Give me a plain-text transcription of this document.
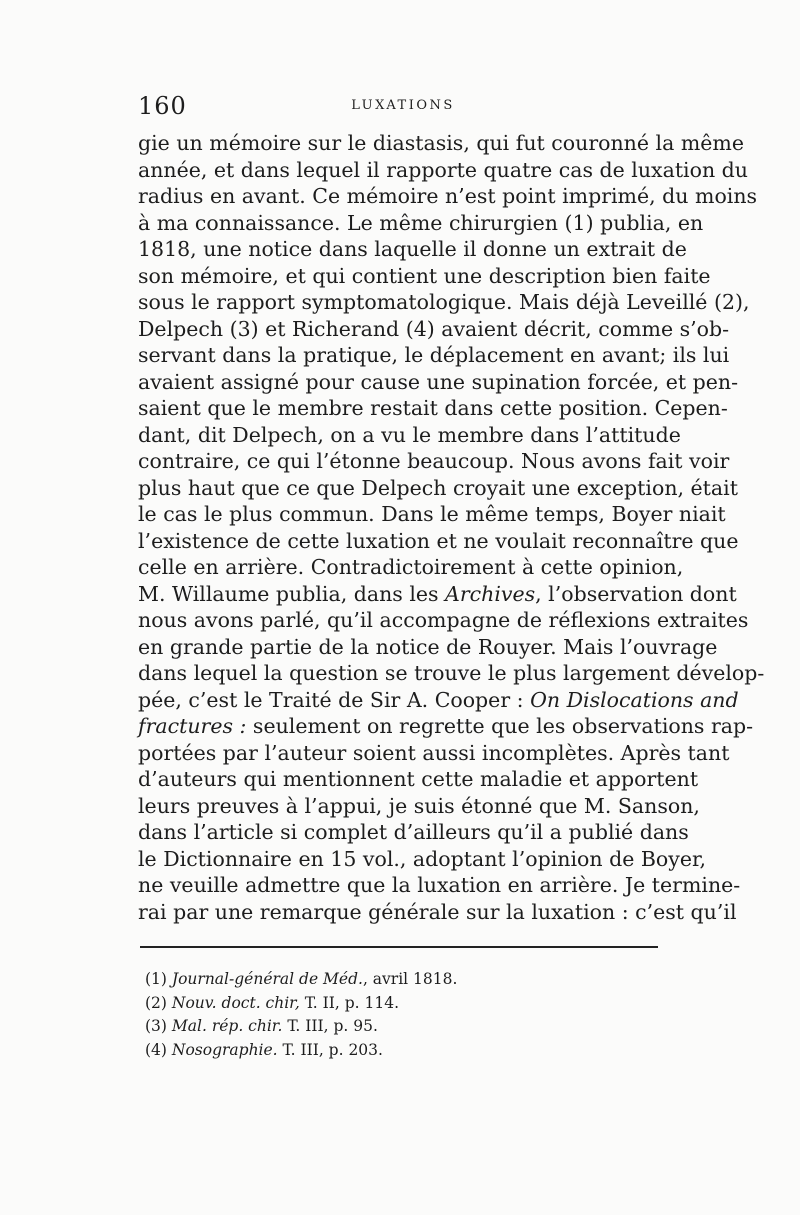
160	LUXATIONS
gie un mémoire sur le diastasis, qui fut couronné la même
année, et dans lequel il rapporte quatre cas de luxation du
radius en avant. Ce mémoire n’est point imprimé, du moins
à ma connaissance. Le même chirurgien (1) publia, en
1818, une notice dans laquelle il donne un extrait de
son mémoire, et qui contient une description bien faite
sous le rapport symptomatologique. Mais déjà Leveillé (2),
Delpech (3) et Richerand (4) avaient décrit, comme s’ob-
servant dans la pratique, le déplacement en avant; ils lui
avaient assigné pour cause une supination forcée, et pen-
saient que le membre restait dans cette position. Cepen-
dant, dit Delpech, on a vu le membre dans l’attitude
contraire, ce qui l’étonne beaucoup. Nous avons fait voir
plus haut que ce que Delpech croyait une exception, était
le cas le plus commun. Dans le même temps, Boyer niait
l’existence de cette luxation et ne voulait reconnaître que
celle en arrière. Contradictoirement à cette opinion,
M. Willaume publia, dans les Archives, l’observation dont
nous avons parlé, qu’il accompagne de réflexions extraites
en grande partie de la notice de Rouyer. Mais l’ouvrage
dans lequel la question se trouve le plus largement dévelop-
pée, c’est le Traité de Sir A. Cooper : On Dislocations and
fractures : seulement on regrette que les observations rap-
portées par l’auteur soient aussi incomplètes. Après tant
d’auteurs qui mentionnent cette maladie et apportent
leurs preuves à l’appui, je suis étonné que M. Sanson,
dans l’article si complet d’ailleurs qu’il a publié dans
le Dictionnaire en 15 vol., adoptant l’opinion de Boyer,
ne veuille admettre que la luxation en arrière. Je termine-
rai par une remarque générale sur la luxation : c’est qu’il
(1) Journal-général de Méd., avril 1818.
(2) Nouv. doct. chir, T. II, p. 114.
(3) Mal. rép. chir. T. III, p. 95.
(4) Nosographie. T. III, p. 203.
